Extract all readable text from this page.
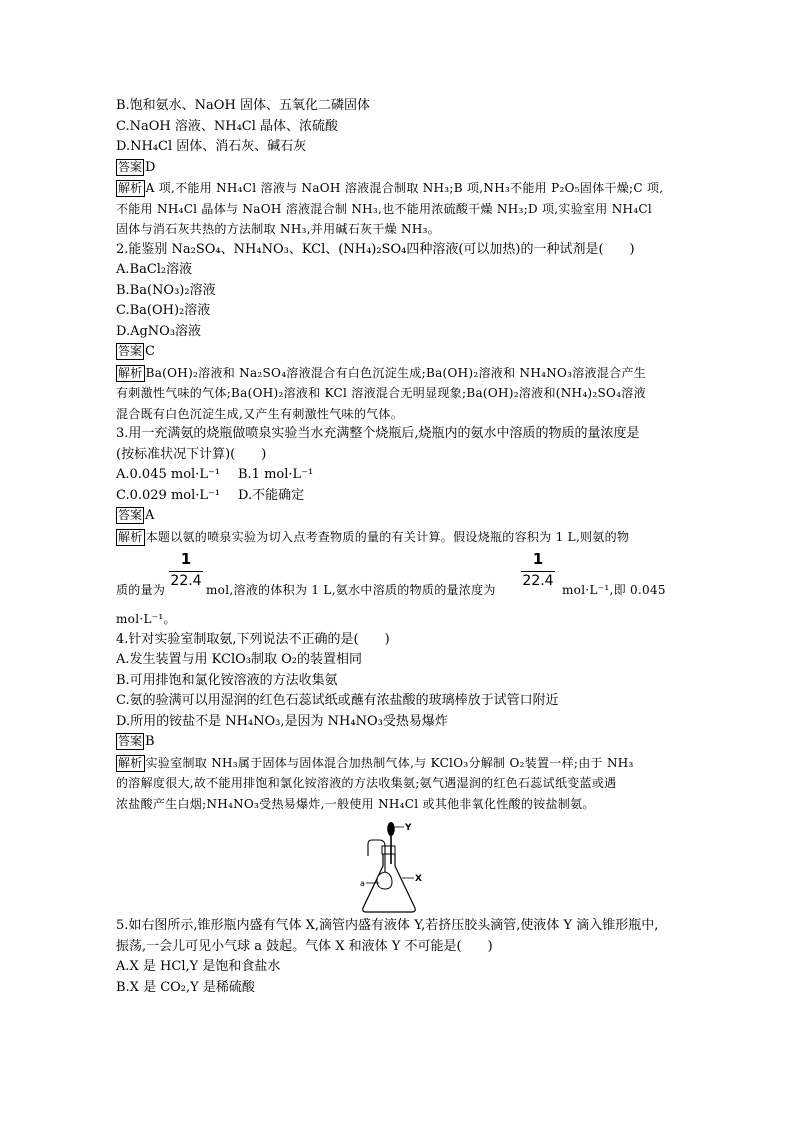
B.饱和氨水、NaOH 固体、五氧化二磷固体
C.NaOH 溶液、NH₄Cl 晶体、浓硫酸
D.NH₄Cl 固体、消石灰、碱石灰
答案 D
解析 A 项,不能用 NH₄Cl 溶液与 NaOH 溶液混合制取 NH₃;B 项,NH₃不能用 P₂O₅固体干燥;C 项,
不能用 NH₄Cl 晶体与 NaOH 溶液混合制 NH₃,也不能用浓硫酸干燥 NH₃;D 项,实验室用 NH₄Cl
固体与消石灰共热的方法制取 NH₃,并用碱石灰干燥 NH₃。
2.能鉴别 Na₂SO₄、NH₄NO₃、KCl、(NH₄)₂SO₄四种溶液(可以加热)的一种试剂是(　　)
A.BaCl₂溶液
B.Ba(NO₃)₂溶液
C.Ba(OH)₂溶液
D.AgNO₃溶液
答案 C
解析 Ba(OH)₂溶液和 Na₂SO₄溶液混合有白色沉淀生成;Ba(OH)₂溶液和 NH₄NO₃溶液混合产生
有刺激性气味的气体;Ba(OH)₂溶液和 KCl 溶液混合无明显现象;Ba(OH)₂溶液和(NH₄)₂SO₄溶液
混合既有白色沉淀生成,又产生有刺激性气味的气体。
3.用一充满氨的烧瓶做喷泉实验当水充满整个烧瓶后,烧瓶内的氨水中溶质的物质的量浓度是
(按标准状况下计算)(　　)
A.0.045 mol·L⁻¹	B.1 mol·L⁻¹
C.0.029 mol·L⁻¹	D.不能确定
答案 A
解析 本题以氨的喷泉实验为切入点考查物质的量的有关计算。假设烧瓶的容积为 1 L,则氨的物
质的量为
1
22.4
mol,溶液的体积为 1 L,氨水中溶质的物质的量浓度为
1
22.4
mol·L⁻¹,即 0.045
mol·L⁻¹。
4.针对实验室制取氨,下列说法不正确的是(　　)
A.发生装置与用 KClO₃制取 O₂的装置相同
B.可用排饱和氯化铵溶液的方法收集氨
C.氨的验满可以用湿润的红色石蕊试纸或蘸有浓盐酸的玻璃棒放于试管口附近
D.所用的铵盐不是 NH₄NO₃,是因为 NH₄NO₃受热易爆炸
答案 B
解析 实验室制取 NH₃属于固体与固体混合加热制气体,与 KClO₃分解制 O₂装置一样;由于 NH₃
的溶解度很大,故不能用排饱和氯化铵溶液的方法收集氨;氨气遇湿润的红色石蕊试纸变蓝或遇
浓盐酸产生白烟;NH₄NO₃受热易爆炸,一般使用 NH₄Cl 或其他非氧化性酸的铵盐制氨。
Y
X
a
5.如右图所示,锥形瓶内盛有气体 X,滴管内盛有液体 Y,若挤压胶头滴管,使液体 Y 滴入锥形瓶中,
振荡,一会儿可见小气球 a 鼓起。气体 X 和液体 Y 不可能是(　　)
A.X 是 HCl,Y 是饱和食盐水
B.X 是 CO₂,Y 是稀硫酸
